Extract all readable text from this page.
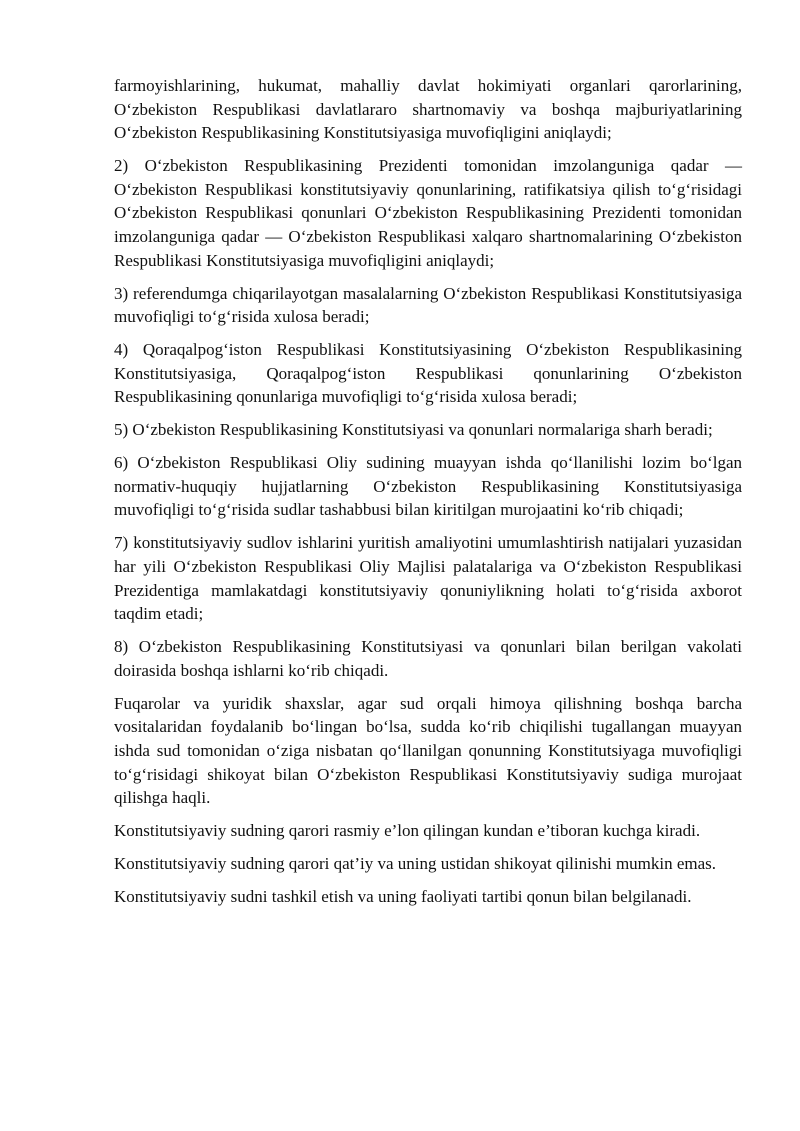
farmoyishlarining, hukumat, mahalliy davlat hokimiyati organlari qarorlarining, O‘zbekiston Respublikasi davlatlararo shartnomaviy va boshqa majburiyatlarining O‘zbekiston Respublikasining Konstitutsiyasiga muvofiqligini aniqlaydi;

2) O‘zbekiston Respublikasining Prezidenti tomonidan imzolanguniga qadar — O‘zbekiston Respublikasi konstitutsiyaviy qonunlarining, ratifikatsiya qilish to‘g‘risidagi O‘zbekiston Respublikasi qonunlari O‘zbekiston Respublikasining Prezidenti tomonidan imzolanguniga qadar — O‘zbekiston Respublikasi xalqaro shartnomalarining O‘zbekiston Respublikasi Konstitutsiyasiga muvofiqligini aniqlaydi;

3) referendumga chiqarilayotgan masalalarning O‘zbekiston Respublikasi Konstitutsiyasiga muvofiqligi to‘g‘risida xulosa beradi;

4) Qoraqalpog‘iston Respublikasi Konstitutsiyasining O‘zbekiston Respublikasining Konstitutsiyasiga, Qoraqalpog‘iston Respublikasi qonunlarining O‘zbekiston Respublikasining qonunlariga muvofiqligi to‘g‘risida xulosa beradi;

5) O‘zbekiston Respublikasining Konstitutsiyasi va qonunlari normalariga sharh beradi;

6) O‘zbekiston Respublikasi Oliy sudining muayyan ishda qo‘llanilishi lozim bo‘lgan normativ-huquqiy hujjatlarning O‘zbekiston Respublikasining Konstitutsiyasiga muvofiqligi to‘g‘risida sudlar tashabbusi bilan kiritilgan murojaatini ko‘rib chiqadi;

7) konstitutsiyaviy sudlov ishlarini yuritish amaliyotini umumlashtirish natijalari yuzasidan har yili O‘zbekiston Respublikasi Oliy Majlisi palatalariga va O‘zbekiston Respublikasi Prezidentiga mamlakatdagi konstitutsiyaviy qonuniylikning holati to‘g‘risida axborot taqdim etadi;

8) O‘zbekiston Respublikasining Konstitutsiyasi va qonunlari bilan berilgan vakolati doirasida boshqa ishlarni ko‘rib chiqadi.

Fuqarolar va yuridik shaxslar, agar sud orqali himoya qilishning boshqa barcha vositalaridan foydalanib bo‘lingan bo‘lsa, sudda ko‘rib chiqilishi tugallangan muayyan ishda sud tomonidan o‘ziga nisbatan qo‘llanilgan qonunning Konstitutsiyaga muvofiqligi to‘g‘risidagi shikoyat bilan O‘zbekiston Respublikasi Konstitutsiyaviy sudiga murojaat qilishga haqli.

Konstitutsiyaviy sudning qarori rasmiy e’lon qilingan kundan e’tiboran kuchga kiradi.

Konstitutsiyaviy sudning qarori qat’iy va uning ustidan shikoyat qilinishi mumkin emas.

Konstitutsiyaviy sudni tashkil etish va uning faoliyati tartibi qonun bilan belgilanadi.
